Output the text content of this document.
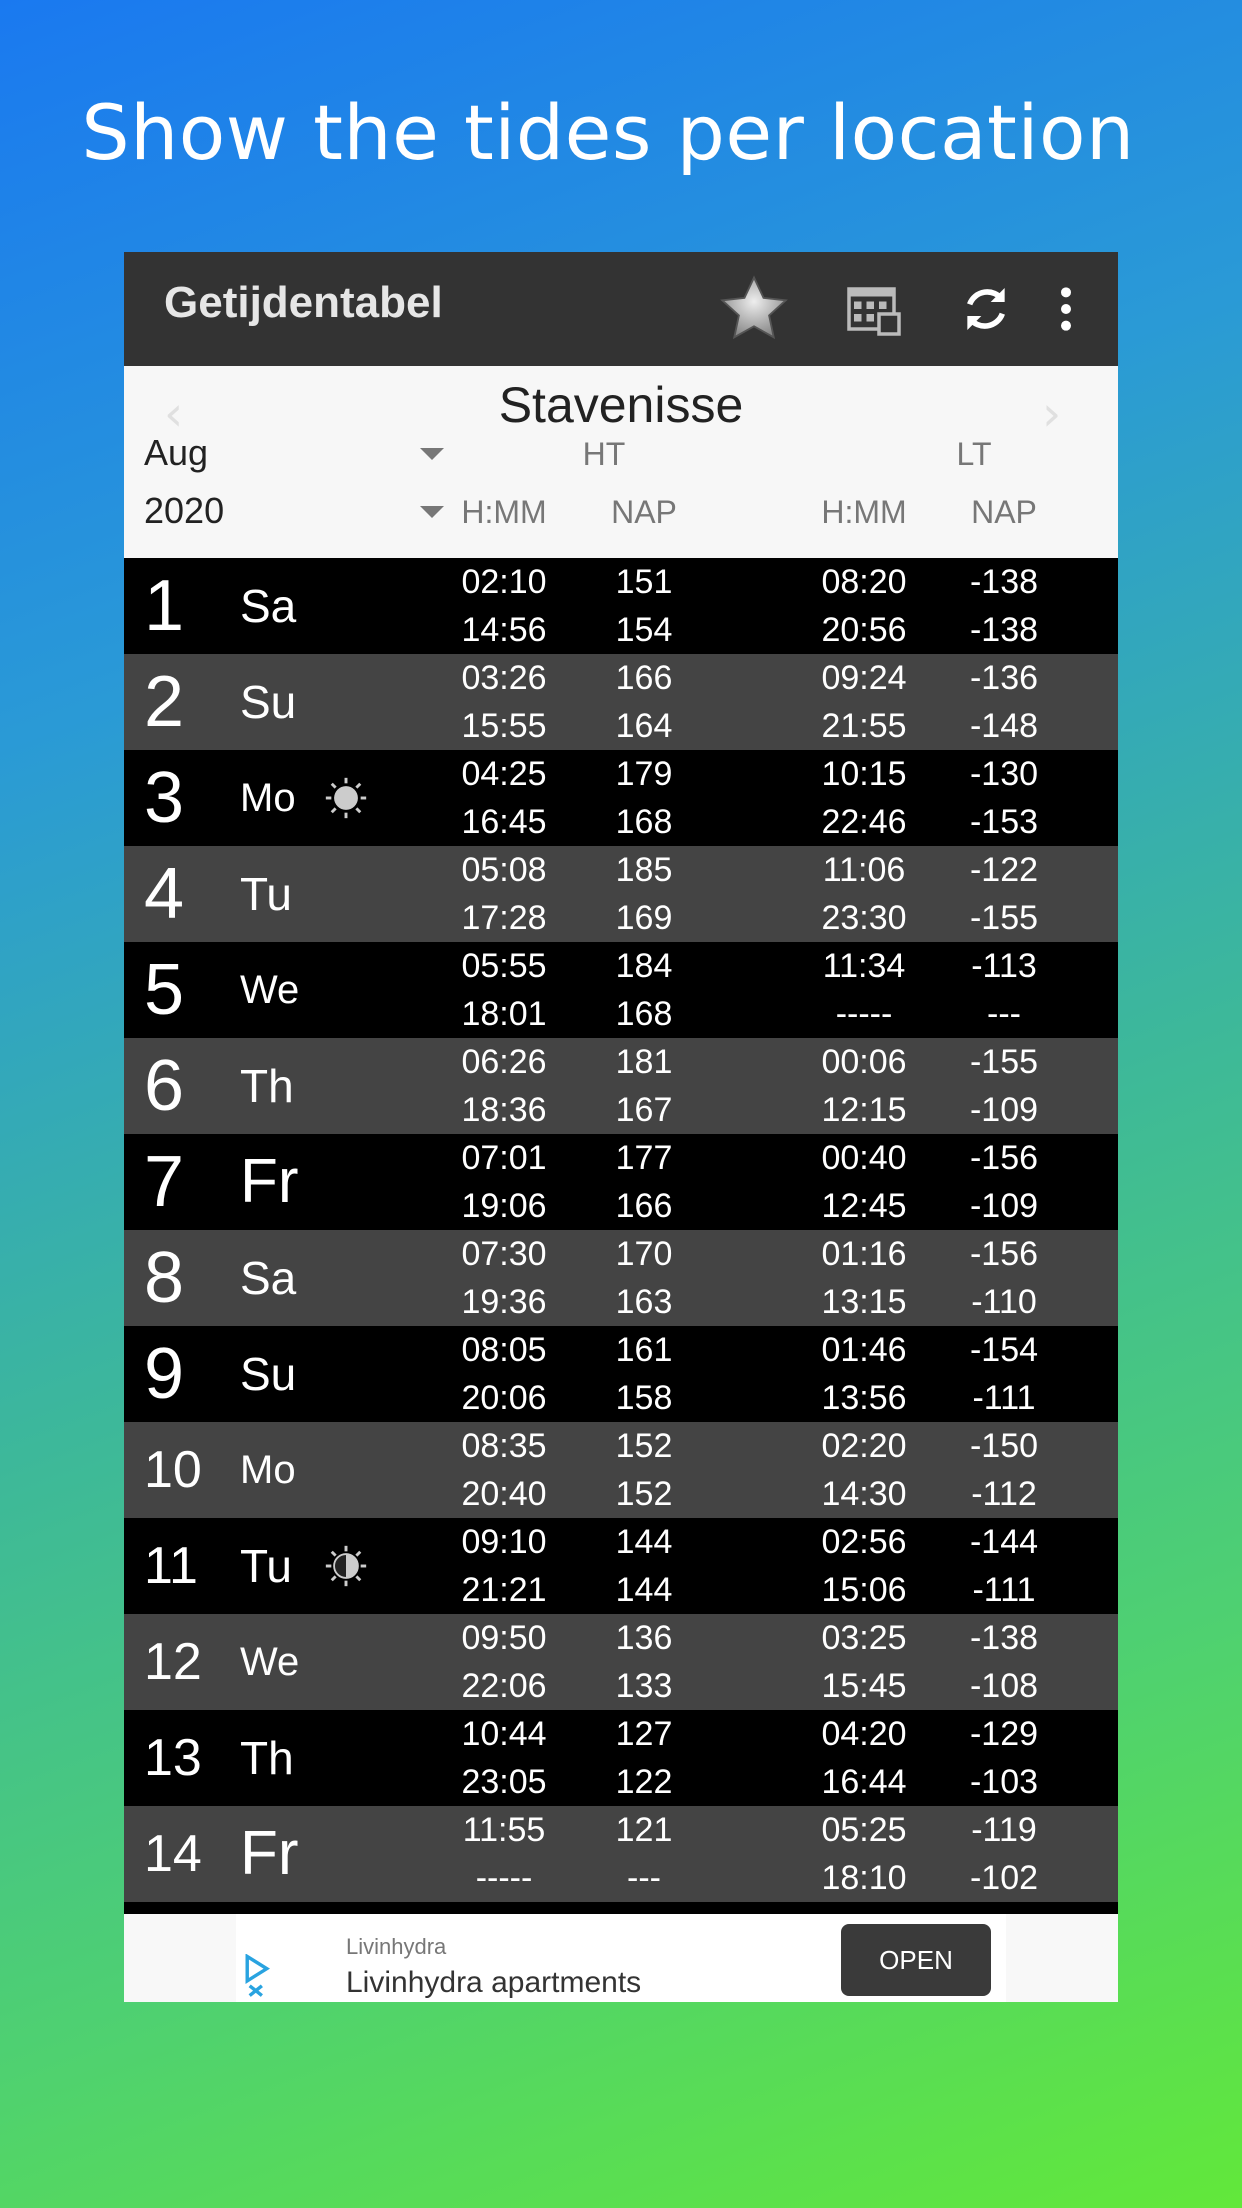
Show the tides per location
Getijdentabel
‹	Stavenisse	›
Aug
2020
HT	LT
H:MM	NAP	H:MM	NAP
1 Sa	02:10	151	08:20	-138
14:56	154	20:56	-138
2 Su	03:26	166	09:24	-136
15:55	164	21:55	-148
3 Mo
04:25	179	10:15	-130
16:45	168	22:46	-153
4 Tu	05:08	185	11:06	-122
17:28	169	23:30	-155
5 We
05:55	184	11:34	-113
18:01	168	-----	---
6 Th	06:26	181	00:06	-155
18:36	167	12:15	-109
7 Fr	07:01	177	00:40	-156
19:06	166	12:45	-109
8 Sa	07:30	170	01:16	-156
19:36	163	13:15	-110
9 Su	08:05	161	01:46	-154
20:06	158	13:56	-111
10 Mo
08:35	152	02:20	-150
20:40	152	14:30	-112
11 Tu	09:10	144	02:56	-144
21:21	144	15:06	-111
12 We
09:50	136	03:25	-138
22:06	133	15:45	-108
13 Th	10:44	127	04:20	-129
23:05	122	16:44	-103
14 Fr	11:55	121	05:25	-119
-----	---	18:10	-102
Livinhydra
Livinhydra apartments
OPEN
